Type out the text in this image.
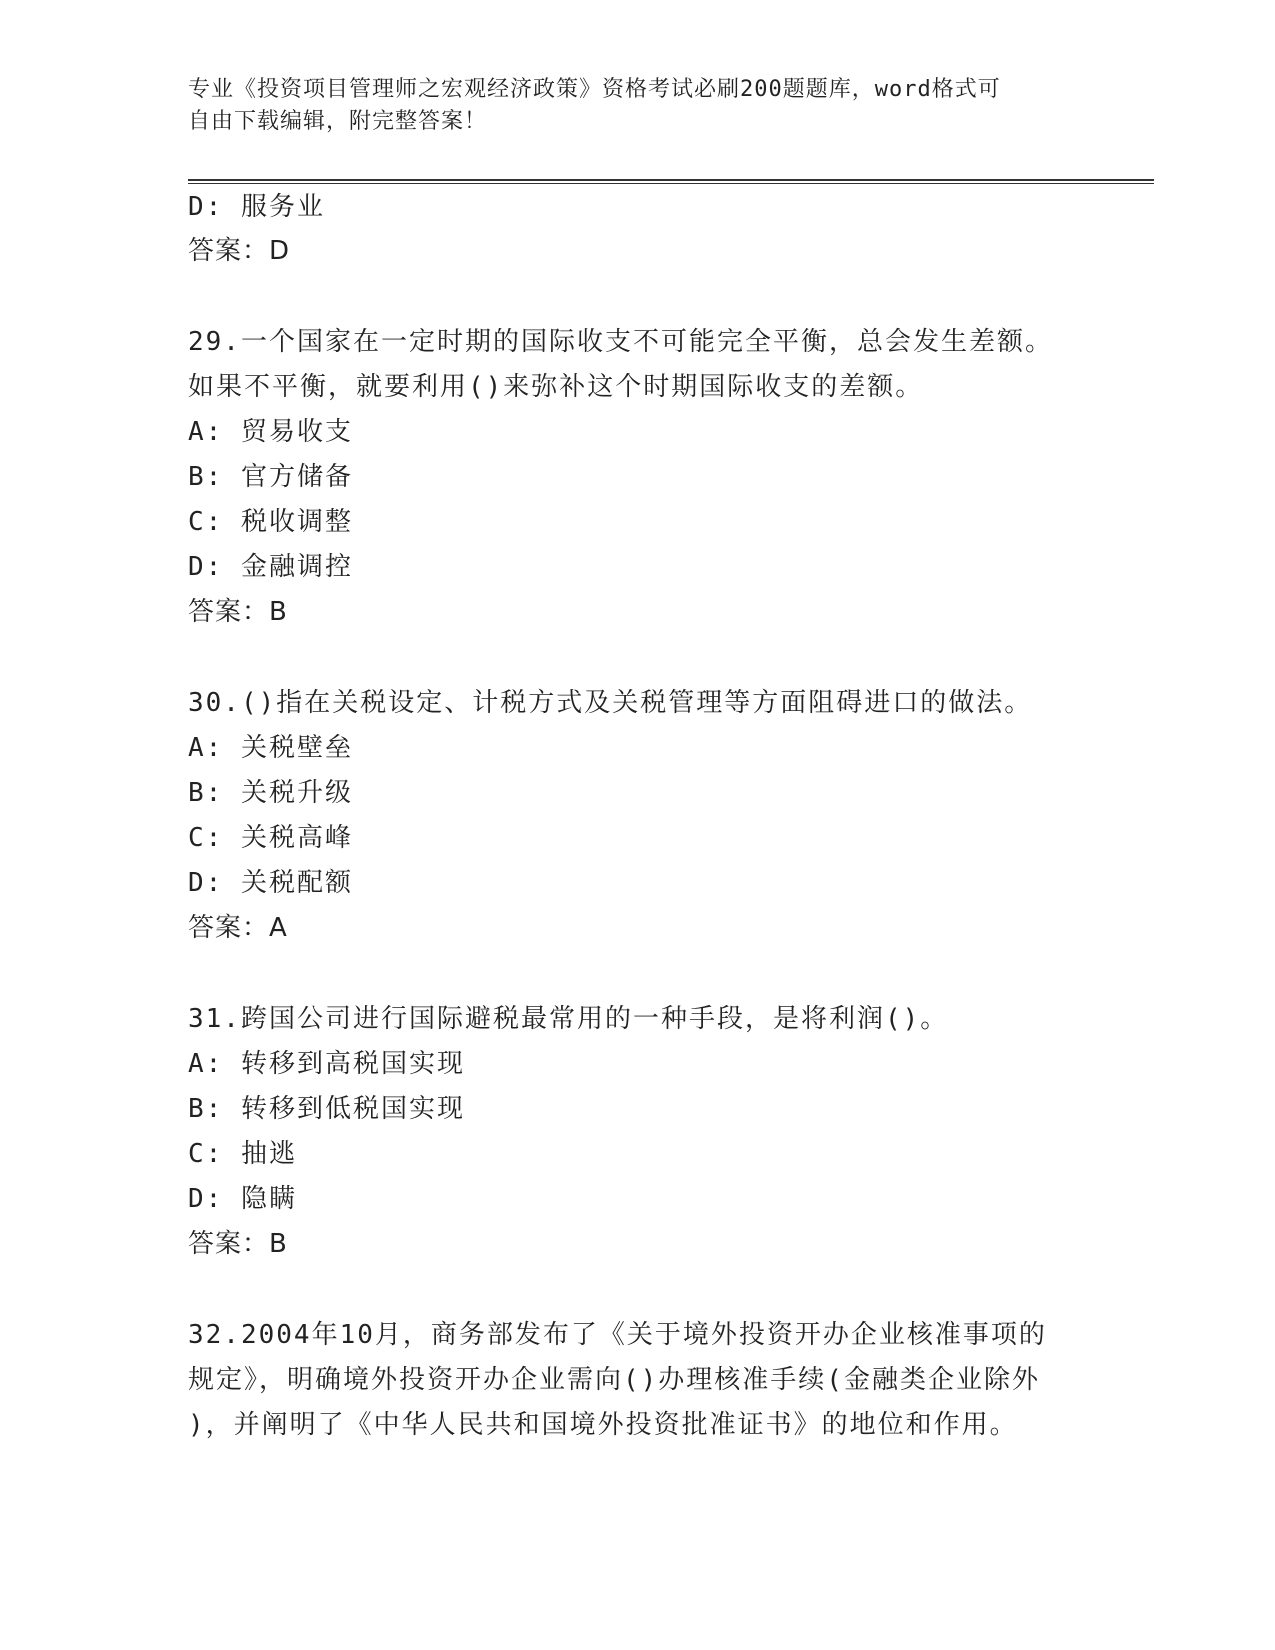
专业《投资项目管理师之宏观经济政策》资格考试必刷200题题库，word格式可
自由下载编辑，附完整答案！
D: 服务业
答案：D
29.一个国家在一定时期的国际收支不可能完全平衡，总会发生差额。
如果不平衡，就要利用()来弥补这个时期国际收支的差额。
A: 贸易收支
B: 官方储备
C: 税收调整
D: 金融调控
答案：B
30.()指在关税设定、计税方式及关税管理等方面阻碍进口的做法。
A: 关税壁垒
B: 关税升级
C: 关税高峰
D: 关税配额
答案：A
31.跨国公司进行国际避税最常用的一种手段，是将利润()。
A: 转移到高税国实现
B: 转移到低税国实现
C: 抽逃
D: 隐瞒
答案：B
32.2004年10月，商务部发布了《关于境外投资开办企业核准事项的
规定》，明确境外投资开办企业需向()办理核准手续(金融类企业除外
)，并阐明了《中华人民共和国境外投资批准证书》的地位和作用。
